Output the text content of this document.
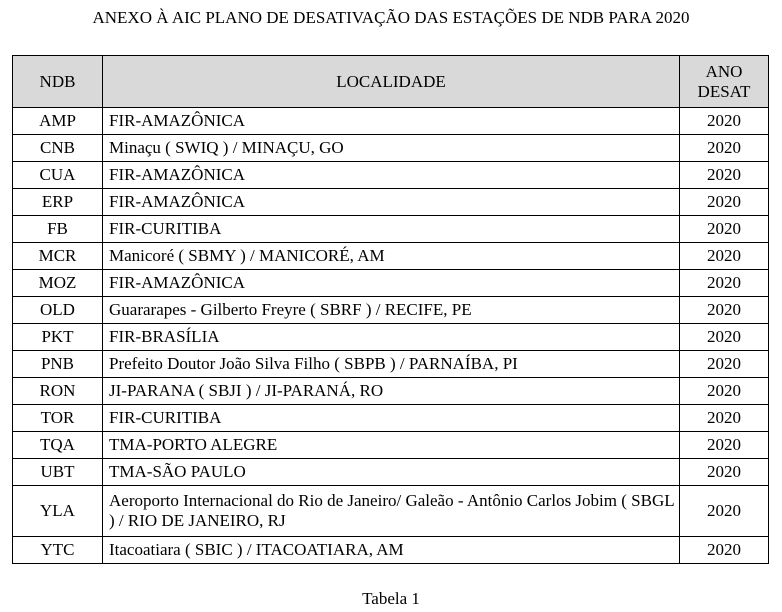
ANEXO À AIC PLANO DE DESATIVAÇÃO DAS ESTAÇÕES DE NDB PARA 2020
NDB	LOCALIDADE	ANO
DESAT
AMP	FIR-AMAZÔNICA	2020
CNB	Minaçu ( SWIQ ) / MINAÇU, GO	2020
CUA	FIR-AMAZÔNICA	2020
ERP	FIR-AMAZÔNICA	2020
FB	FIR-CURITIBA	2020
MCR	Manicoré ( SBMY ) / MANICORÉ, AM	2020
MOZ	FIR-AMAZÔNICA	2020
OLD	Guararapes - Gilberto Freyre ( SBRF ) / RECIFE, PE	2020
PKT	FIR-BRASÍLIA	2020
PNB	Prefeito Doutor João Silva Filho ( SBPB ) / PARNAÍBA, PI	2020
RON	JI-PARANA ( SBJI ) / JI-PARANÁ, RO	2020
TOR	FIR-CURITIBA	2020
TQA	TMA-PORTO ALEGRE	2020
UBT	TMA-SÃO PAULO	2020
YLA	Aeroporto Internacional do Rio de Janeiro/ Galeão - Antônio Carlos Jobim ( SBGL ) / RIO DE JANEIRO, RJ	2020
YTC	Itacoatiara ( SBIC ) / ITACOATIARA, AM	2020
Tabela 1
